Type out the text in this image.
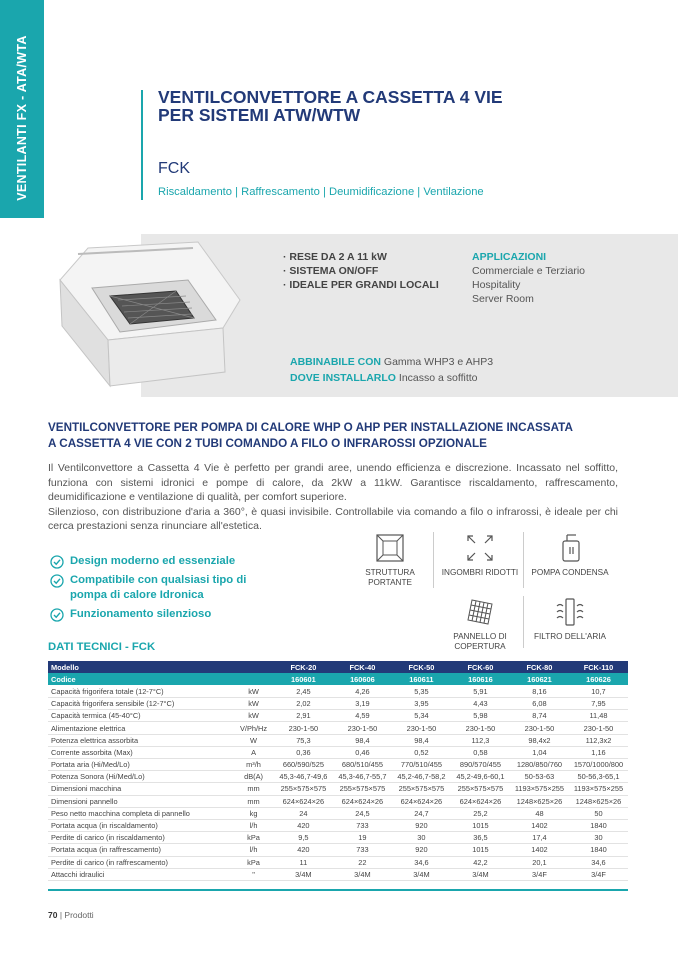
VENTILANTI FX - ATA/WTA	VENTILCONVETTORE A CASSETTA 4 VIE
PER SISTEMI ATW/WTW
FCK
Riscaldamento | Raffrescamento | Deumidificazione | Ventilazione
· RESE DA 2 A 11 kW
· SISTEMA ON/OFF
· IDEALE PER GRANDI LOCALI
APPLICAZIONI
Commerciale e Terziario
Hospitality
Server Room
ABBINABILE CON Gamma WHP3 e AHP3
DOVE INSTALLARLO Incasso a soffitto
VENTILCONVETTORE PER POMPA DI CALORE WHP O AHP PER INSTALLAZIONE INCASSATA
A CASSETTA 4 VIE CON 2 TUBI COMANDO A FILO O INFRAROSSI OPZIONALE

Il Ventilconvettore a Cassetta 4 Vie è perfetto per grandi aree, unendo efficienza e discrezione. Incassato nel soffitto, funziona con sistemi idronici e pompe di calore, da 2kW a 11kW. Garantisce riscaldamento, raffrescamento, deumidificazione e ventilazione di qualità, per comfort superiore.

Silenzioso, con distribuzione d'aria a 360°, è quasi invisibile. Controllabile via comando a filo o infrarossi, è ideale per chi cerca prestazioni senza rinunciare all'estetica.

Design moderno ed essenziale
Compatibile con qualsiasi tipo di pompa di calore Idronica
Funzionamento silenzioso
STRUTTURA PORTANTE
INGOMBRI RIDOTTI POMPA CONDENSA
PANNELLO DI COPERTURA
FILTRO DELL'ARIA
DATI TECNICI - FCK
Modello		FCK-20	FCK-40	FCK-50	FCK-60	FCK-80	FCK-110
Codice		160601	160606	160611	160616	160621	160626
Capacità frigorifera totale (12-7°C)	kW	2,45	4,26	5,35	5,91	8,16	10,7
Capacità frigorifera sensibile (12-7°C)	kW	2,02	3,19	3,95	4,43	6,08	7,95
Capacità termica (45-40°C)	kW	2,91	4,59	5,34	5,98	8,74	11,48
Alimentazione elettrica	V/Ph/Hz	230-1-50	230-1-50	230-1-50	230-1-50	230-1-50	230-1-50
Potenza elettrica assorbita	W	75,3	98,4	98,4	112,3	98,4x2	112,3x2
Corrente assorbita (Max)	A	0,36	0,46	0,52	0,58	1,04	1,16
Portata aria (Hi/Med/Lo)	m³/h	660/590/525	680/510/455	770/510/455	890/570/455	1280/850/760	1570/1000/800
Potenza Sonora (Hi/Med/Lo)	dB(A)	45,3-46,7-49,6	45,3-46,7-55,7	45,2-46,7-58,2	45,2-49,6-60,1	50-53-63	50-56,3-65,1
Dimensioni macchina	mm	255×575×575	255×575×575	255×575×575	255×575×575	1193×575×255	1193×575×255
Dimensioni pannello	mm	624×624×26	624×624×26	624×624×26	624×624×26	1248×625×26	1248×625×26
Peso netto macchina completa di pannello	kg	24	24,5	24,7	25,2	48	50
Portata acqua (in riscaldamento)	l/h	420	733	920	1015	1402	1840
Perdite di carico (in riscaldamento)	kPa	9,5	19	30	36,5	17,4	30
Portata acqua (in raffrescamento)	l/h	420	733	920	1015	1402	1840
Perdite di carico (in raffrescamento)	kPa	11	22	34,6	42,2	20,1	34,6
Attacchi idraulici	"	3/4M	3/4M	3/4M	3/4M	3/4F	3/4F
70 | Prodotti
